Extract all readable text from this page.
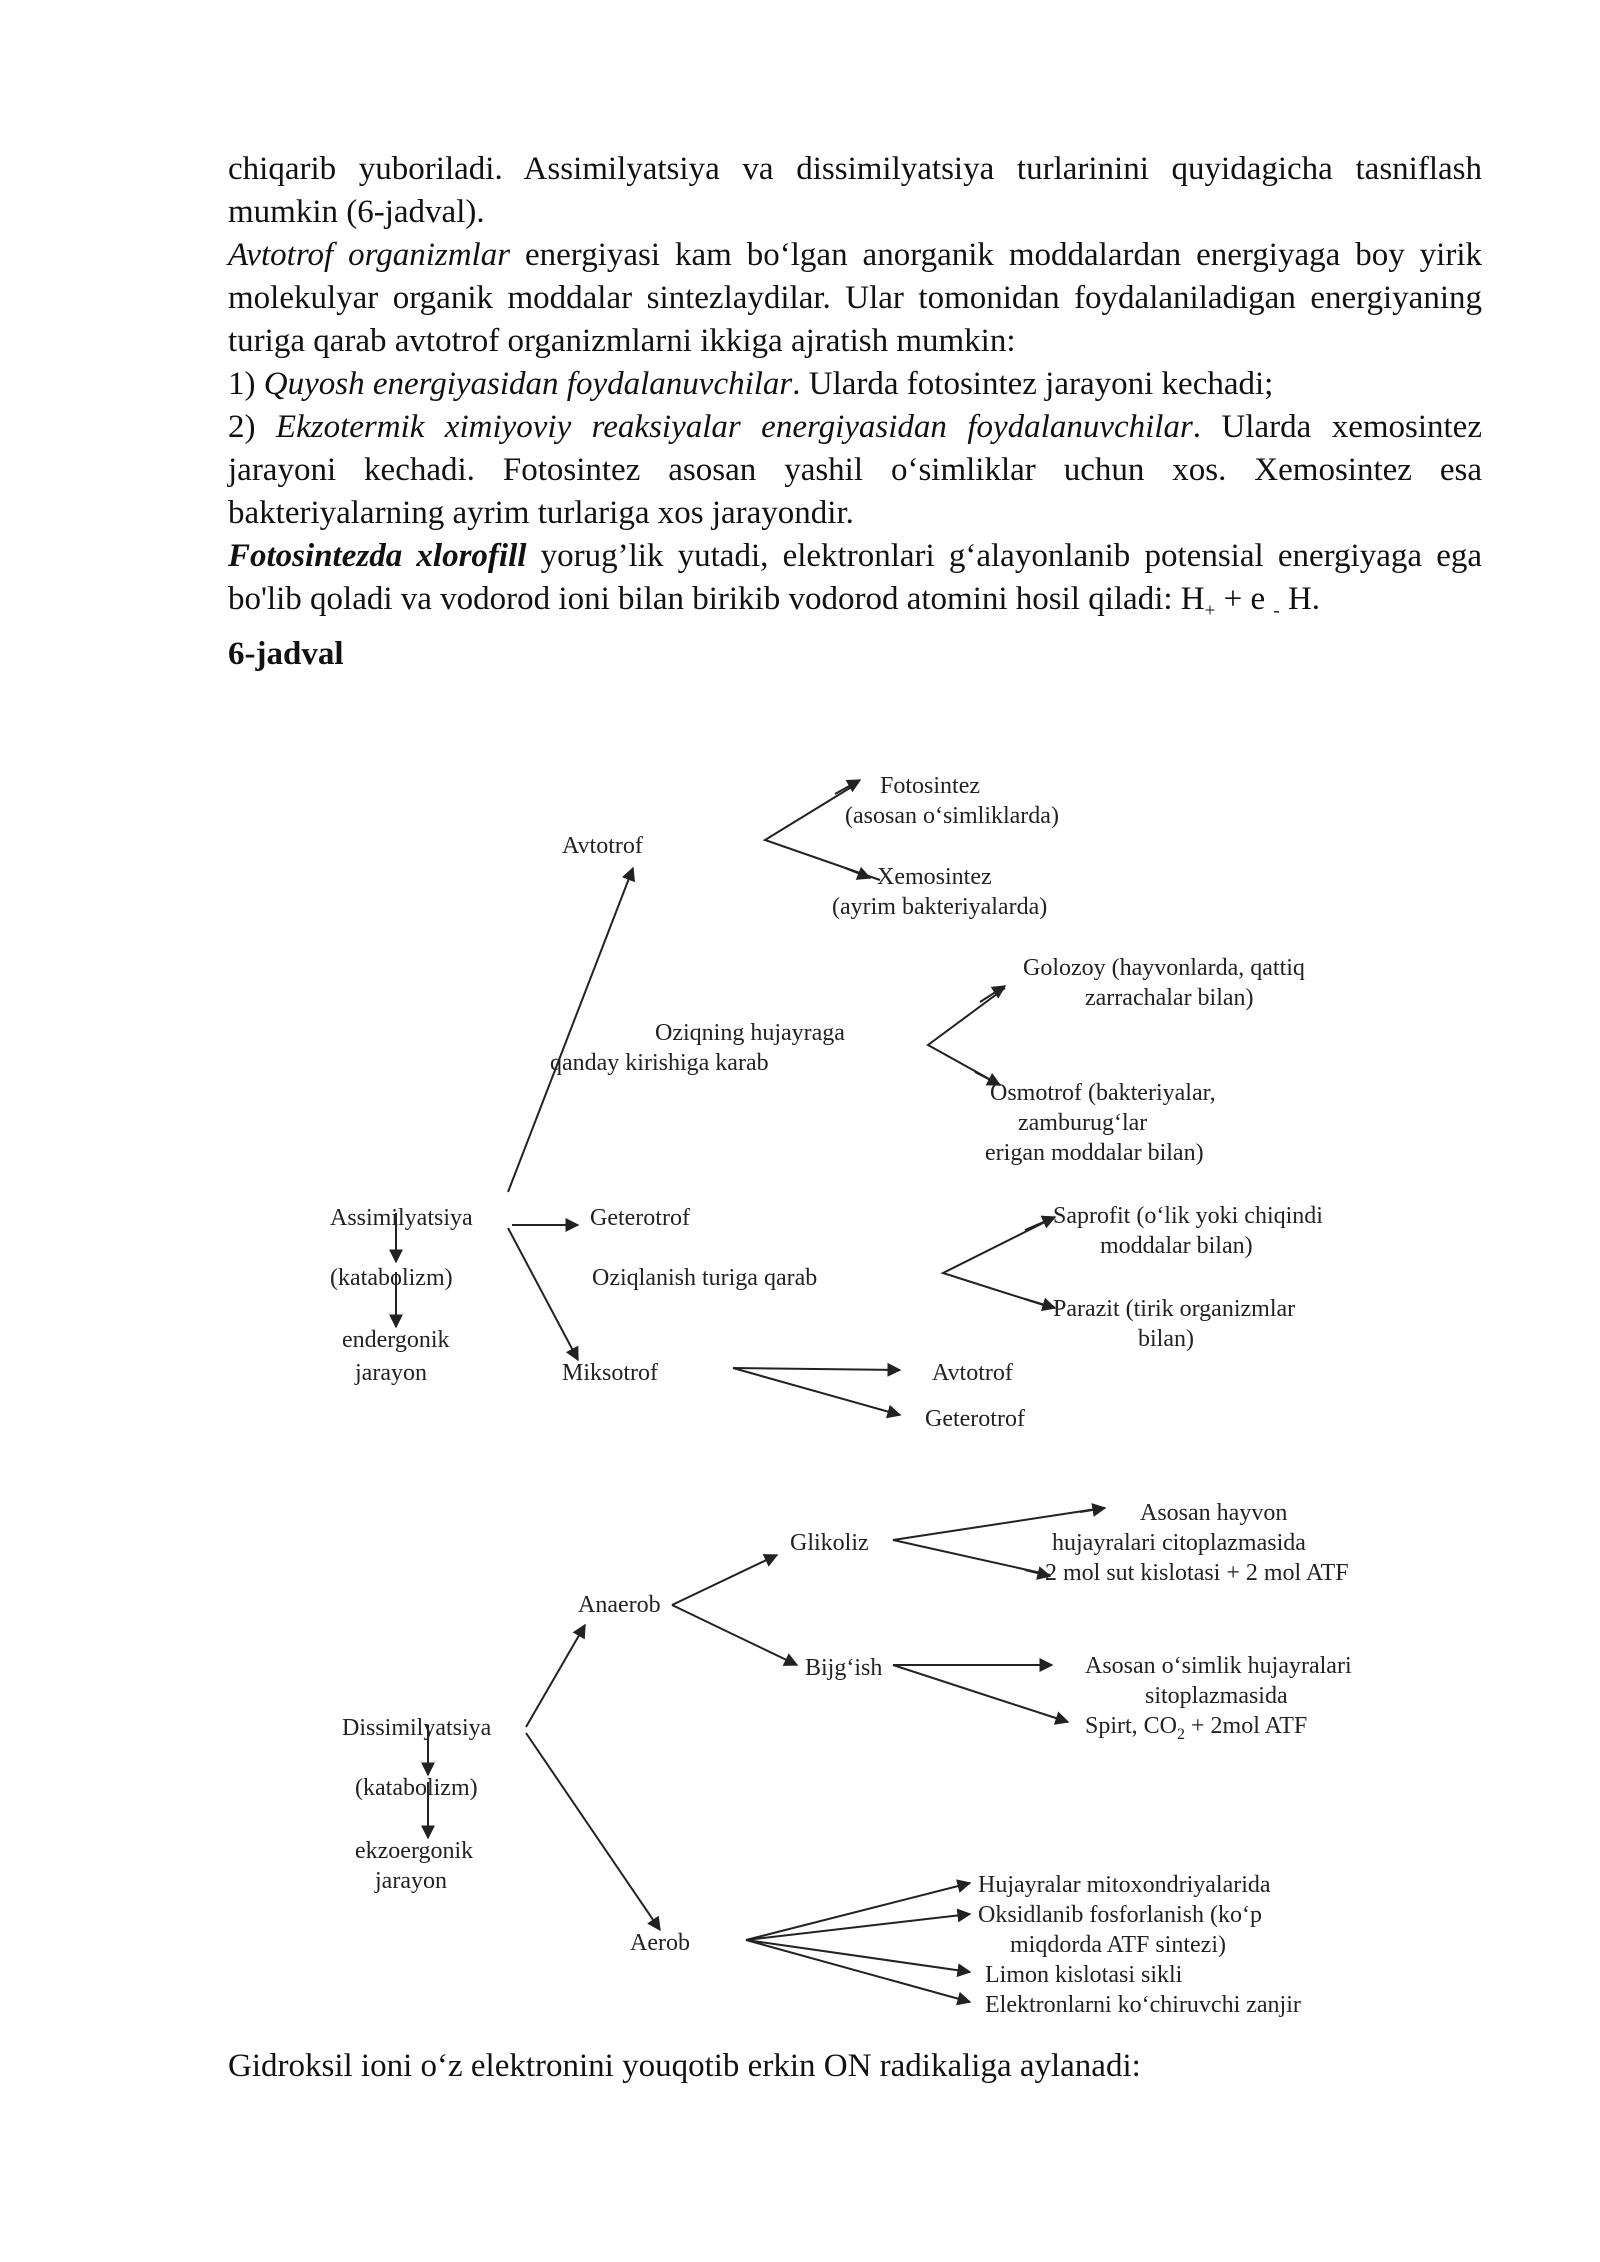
chiqarib yuboriladi. Assimilyatsiya va dissimilyatsiya turlarinini quyidagicha tasniflash mumkin (6-jadval).

Avtotrof organizmlar energiyasi kam bo‘lgan anorganik moddalardan energiyaga boy yirik molekulyar organik moddalar sintezlaydilar. Ular tomonidan foydalaniladigan energiyaning turiga qarab avtotrof organizmlarni ikkiga ajratish mumkin:

1) Quyosh energiyasidan foydalanuvchilar. Ularda fotosintez jarayoni kechadi;

2) Ekzotermik ximiyoviy reaksiyalar energiyasidan foydalanuvchilar. Ularda xemosintez jarayoni kechadi. Fotosintez asosan yashil o‘simliklar uchun xos. Xemosintez esa bakteriyalarning ayrim turlariga xos jarayondir.

Fotosintezda xlorofill yorug’lik yutadi, elektronlari g‘alayonlanib potensial energiyaga ega bo'lib qoladi va vodorod ioni bilan birikib vodorod atomini hosil qiladi: $H_+ + e$ $_-$ H.

6-jadval

Avtotrof
Fotosintez
(asosan o‘simliklarda)
Xemosintez
(ayrim bakteriyalarda)
Oziqning hujayraga
qanday kirishiga karab
Golozoy (hayvonlarda, qattiq
zarrachalar bilan)
Osmotrof (bakteriyalar,
zamburug‘lar
erigan moddalar bilan)
Assimilyatsiya
(katabolizm)
endergonik
jarayon
Geterotrof
Oziqlanish turiga qarab
Saprofit (o‘lik yoki chiqindi
moddalar bilan)
Parazit (tirik organizmlar
bilan)
Miksotrof	Avtotrof
Geterotrof
Glikoliz
Asosan hayvon
hujayralari citoplazmasida
2 mol sut kislotasi + 2 mol ATF
Anaerob
Bijg‘ish	Asosan o‘simlik hujayralari
sitoplazmasida
Spirt, $CO_2 + 2mol$ ATF
Dissimilyatsiya
(katabolizm)
ekzoergonik
jarayon
Aerob
Hujayralar mitoxondriyalarida
Oksidlanib fosforlanish (ko‘p
miqdorda ATF sintezi)
Limon kislotasi sikli
Elektronlarni ko‘chiruvchi zanjir
Gidroksil ioni o‘z elektronini youqotib erkin ON radikaliga aylanadi:
